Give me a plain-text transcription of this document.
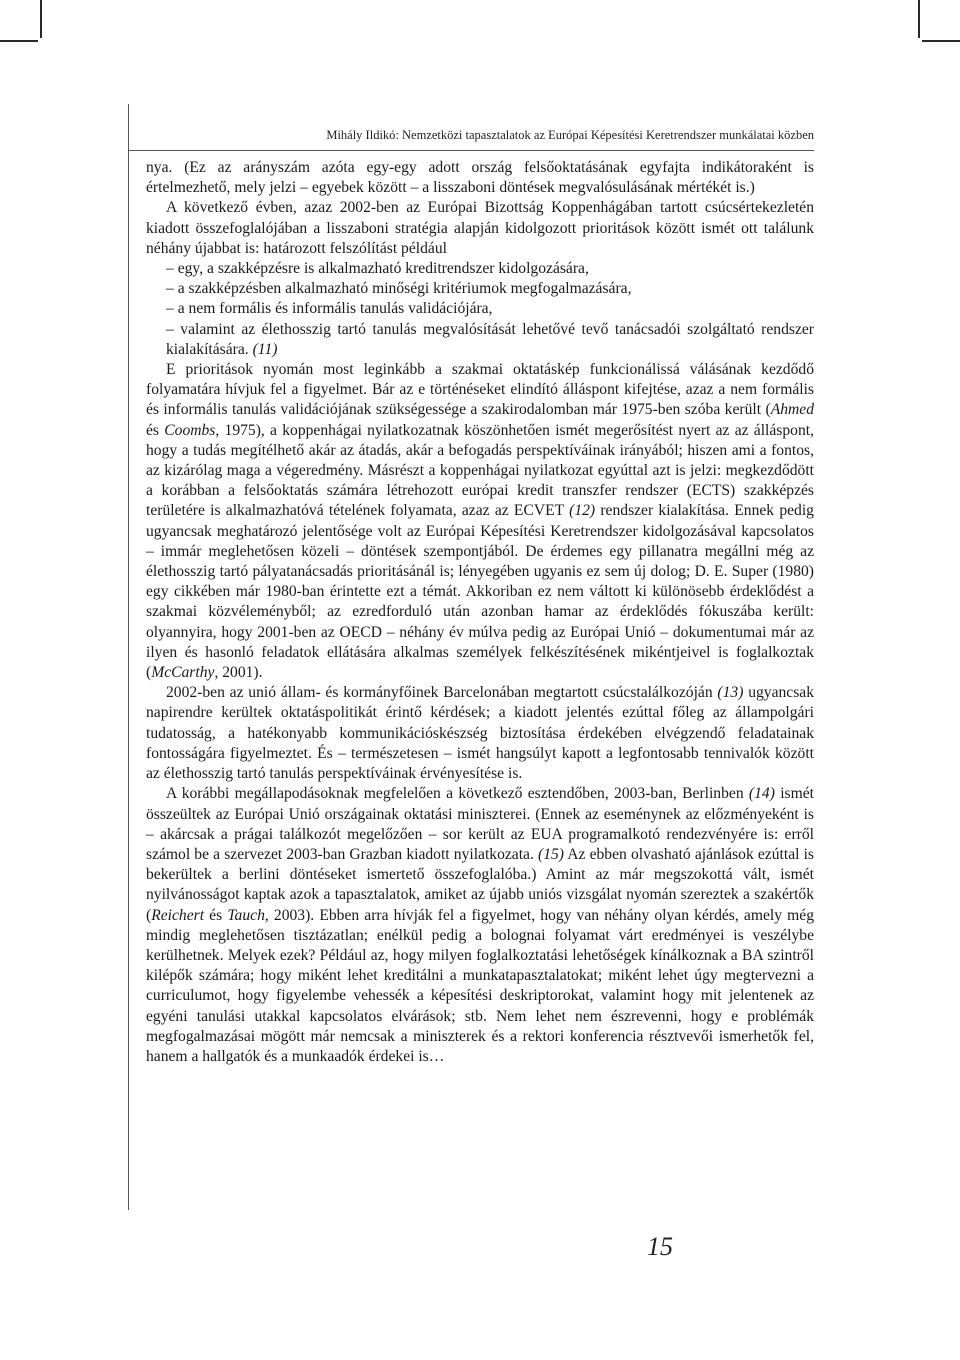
Mihály Ildikó: Nemzetközi tapasztalatok az Európai Képesítési Keretrendszer munkálatai közben

nya. (Ez az arányszám azóta egy-egy adott ország felsőoktatásának egyfajta indikátoraként is értelmezhető, mely jelzi – egyebek között – a lisszaboni döntések megvalósulásának mértékét is.)

A következő évben, azaz 2002-ben az Európai Bizottság Koppenhágában tartott csúcsértekezletén kiadott összefoglalójában a lisszaboni stratégia alapján kidolgozott prioritások között ismét ott találunk néhány újabbat is: határozott felszólítást például

– egy, a szakképzésre is alkalmazható kreditrendszer kidolgozására,
– a szakképzésben alkalmazható minőségi kritériumok megfogalmazására,
– a nem formális és informális tanulás validációjára,
– valamint az élethosszig tartó tanulás megvalósítását lehetővé tevő tanácsadói szolgáltató rendszer kialakítására. (11)

E prioritások nyomán most leginkább a szakmai oktatáskép funkcionálissá válásának kezdődő folyamatára hívjuk fel a figyelmet. Bár az e történéseket elindító álláspont kifejtése, azaz a nem formális és informális tanulás validációjának szükségessége a szakirodalomban már 1975-ben szóba került (Ahmed és Coombs, 1975), a koppenhágai nyilatkozatnak köszönhetően ismét megerősítést nyert az az álláspont, hogy a tudás megítélhető akár az átadás, akár a befogadás perspektíváinak irányából; hiszen ami a fontos, az kizárólag maga a végeredmény. Másrészt a koppenhágai nyilatkozat egyúttal azt is jelzi: megkezdődött a korábban a felsőoktatás számára létrehozott európai kredit transzfer rendszer (ECTS) szakképzés területére is alkalmazhatóvá tételének folyamata, azaz az ECVET (12) rendszer kialakítása. Ennek pedig ugyancsak meghatározó jelentősége volt az Európai Képesítési Keretrendszer kidolgozásával kapcsolatos – immár meglehetősen közeli – döntések szempontjából. De érdemes egy pillanatra megállni még az élethosszig tartó pályatanácsadás prioritásánál is; lényegében ugyanis ez sem új dolog; D. E. Super (1980) egy cikkében már 1980-ban érintette ezt a témát. Akkoriban ez nem váltott ki különösebb érdeklődést a szakmai közvéleményből; az ezredforduló után azonban hamar az érdeklődés fókuszába került: olyannyira, hogy 2001-ben az OECD – néhány év múlva pedig az Európai Unió – dokumentumai már az ilyen és hasonló feladatok ellátására alkalmas személyek felkészítésének mikéntjeivel is foglalkoztak (McCarthy, 2001).

2002-ben az unió állam- és kormányfőinek Barcelonában megtartott csúcstalálkozóján (13) ugyancsak napirendre kerültek oktatáspolitikát érintő kérdések; a kiadott jelentés ezúttal főleg az állampolgári tudatosság, a hatékonyabb kommunikációskészség biztosítása érdekében elvégzendő feladatainak fontosságára figyelmeztet. És – természetesen – ismét hangsúlyt kapott a legfontosabb tennivalók között az élethosszig tartó tanulás perspektíváinak érvényesítése is.

A korábbi megállapodásoknak megfelelően a következő esztendőben, 2003-ban, Berlinben (14) ismét összeültek az Európai Unió országainak oktatási miniszterei. (Ennek az eseménynek az előzményeként is – akárcsak a prágai találkozót megelőzően – sor került az EUA programalkotó rendezvényére is: erről számol be a szervezet 2003-ban Grazban kiadott nyilatkozata. (15) Az ebben olvasható ajánlások ezúttal is bekerültek a berlini döntéseket ismertető összefoglalóba.) Amint az már megszokottá vált, ismét nyilvánosságot kaptak azok a tapasztalatok, amiket az újabb uniós vizsgálat nyomán szereztek a szakértők (Reichert és Tauch, 2003). Ebben arra hívják fel a figyelmet, hogy van néhány olyan kérdés, amely még mindig meglehetősen tisztázatlan; enélkül pedig a bolognai folyamat várt eredményei is veszélybe kerülhetnek. Melyek ezek? Például az, hogy milyen foglalkoztatási lehetőségek kínálkoznak a BA szintről kilépők számára; hogy miként lehet kreditálni a munkatapasztalatokat; miként lehet úgy megtervezni a curriculumot, hogy figyelembe vehessék a képesítési deskriptorokat, valamint hogy mit jelentenek az egyéni tanulási utakkal kapcsolatos elvárások; stb. Nem lehet nem észrevenni, hogy e problémák megfogalmazásai mögött már nemcsak a miniszterek és a rektori konferencia résztvevői ismerhetők fel, hanem a hallgatók és a munkaadók érdekei is…

15
